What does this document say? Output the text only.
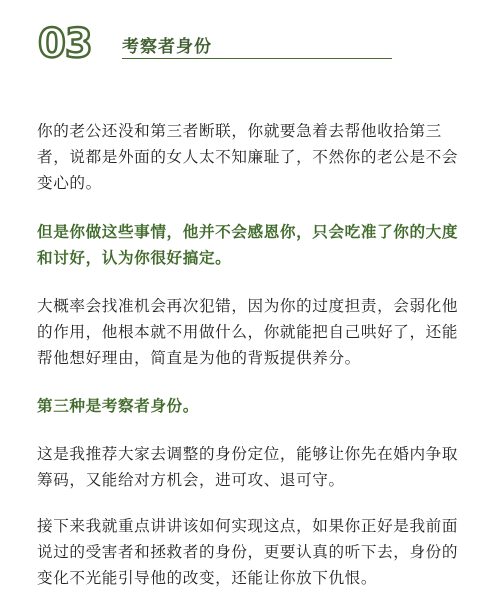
03 考察者身份

你的老公还没和第三者断联，你就要急着去帮他收拾第三者，说都是外面的女人太不知廉耻了，不然你的老公是不会变心的。

但是你做这些事情，他并不会感恩你，只会吃准了你的大度和讨好，认为你很好搞定。

大概率会找准机会再次犯错，因为你的过度担责，会弱化他的作用，他根本就不用做什么，你就能把自己哄好了，还能帮他想好理由，简直是为他的背叛提供养分。

第三种是考察者身份。

这是我推荐大家去调整的身份定位，能够让你先在婚内争取筹码，又能给对方机会，进可攻、退可守。

接下来我就重点讲讲该如何实现这点，如果你正好是我前面说过的受害者和拯救者的身份，更要认真的听下去，身份的变化不光能引导他的改变，还能让你放下仇恨。
